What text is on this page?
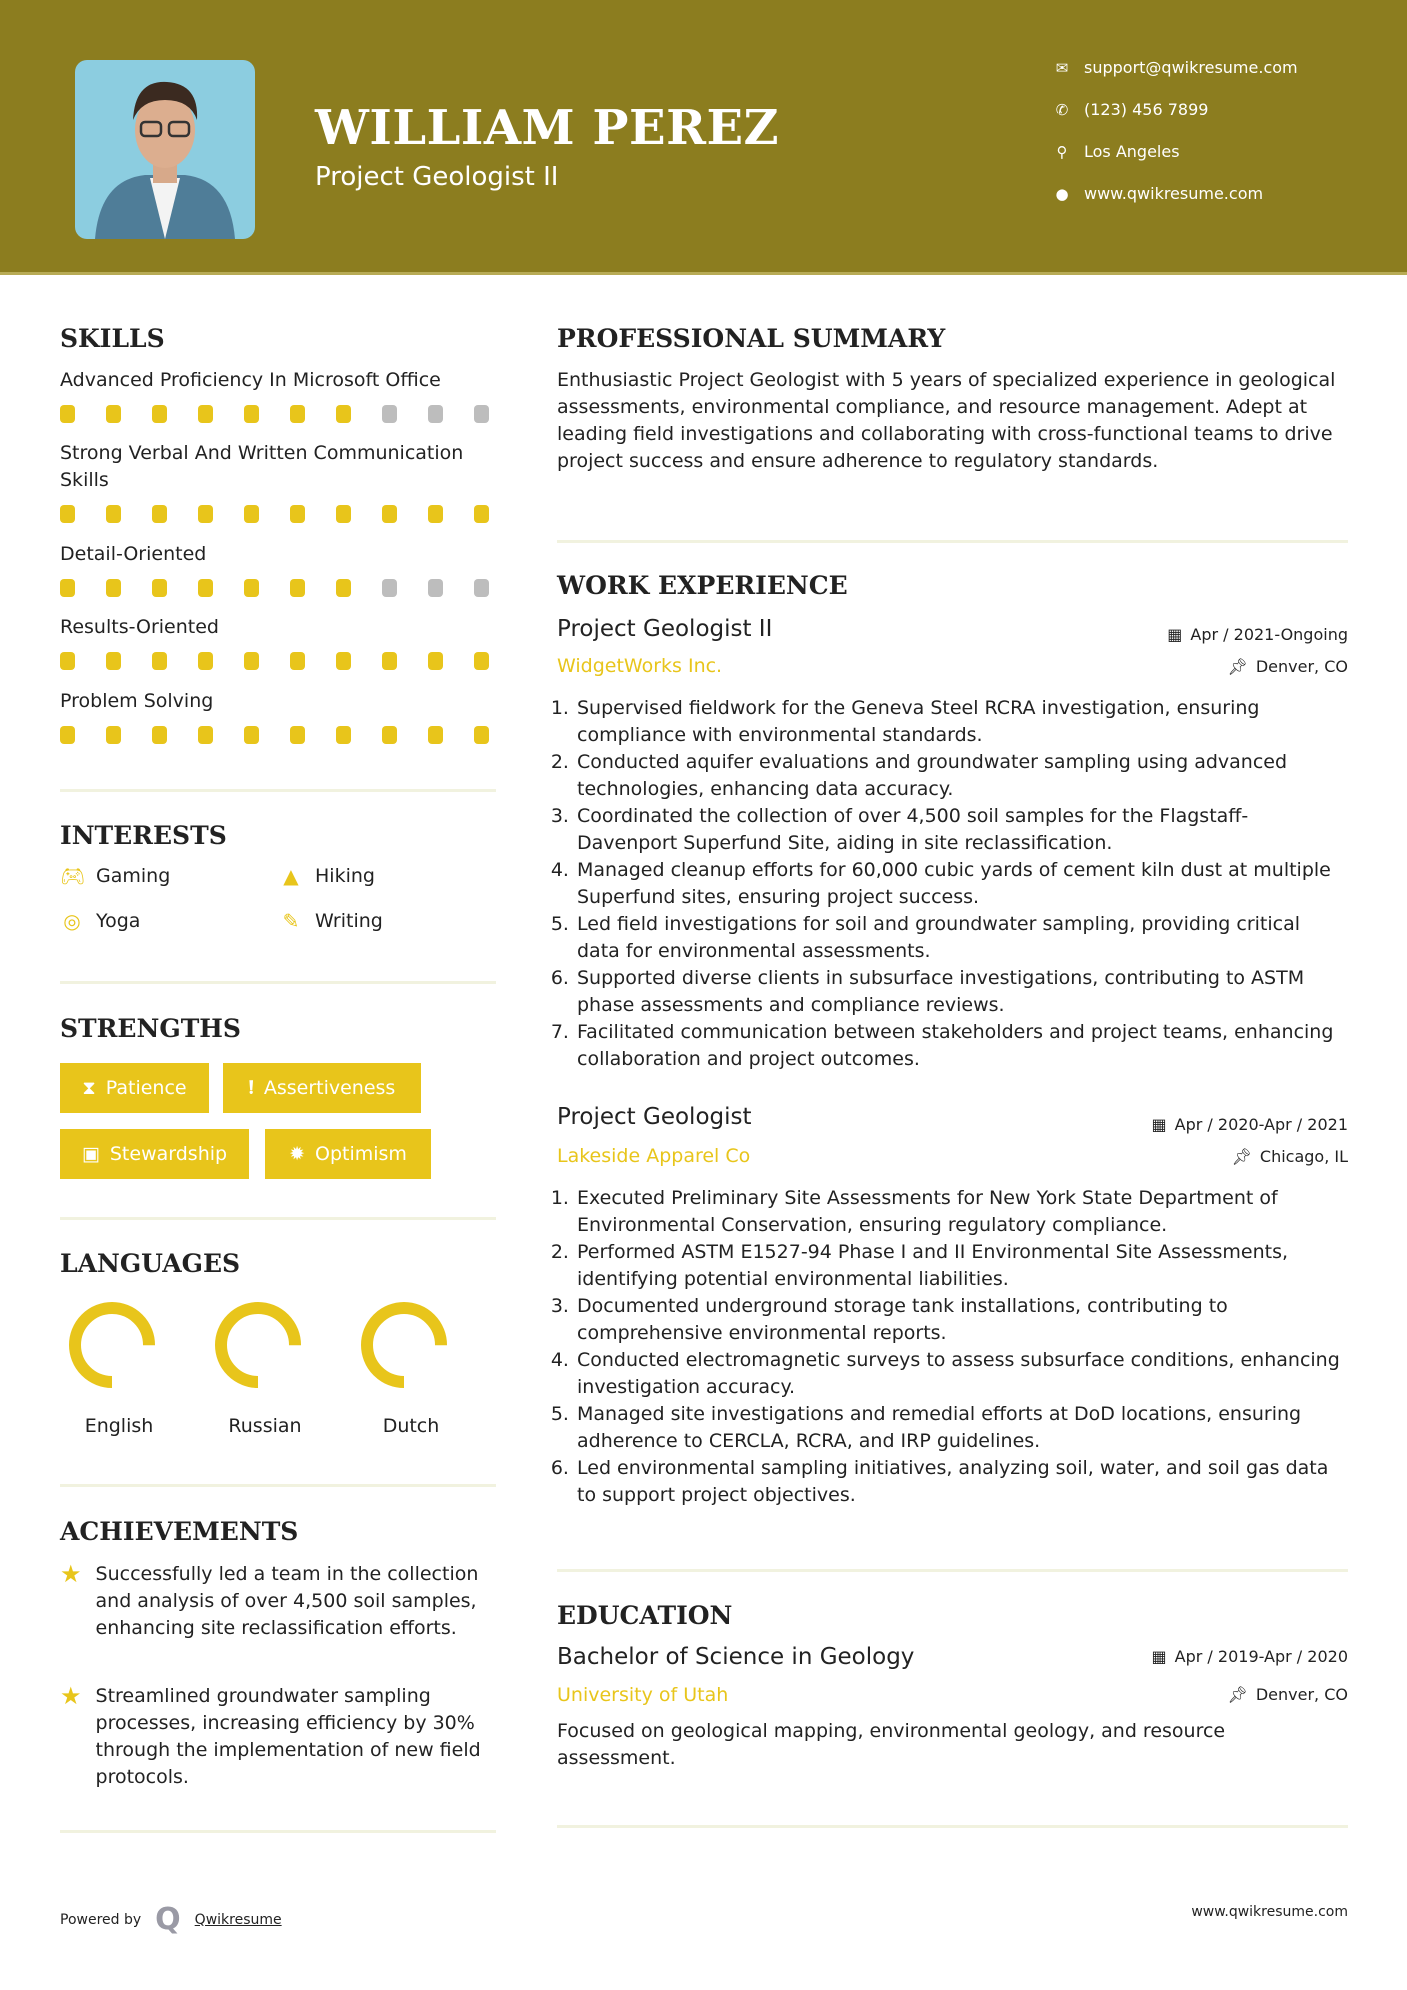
WILLIAM PEREZ
Project Geologist II
✉ support@qwikresume.com
✆ (123) 456 7899
⚲ Los Angeles
● www.qwikresume.com
SKILLS
Advanced Proficiency In Microsoft Office
Strong Verbal And Written Communication Skills
Detail-Oriented
Results-Oriented
Problem Solving
INTERESTS
🎮︎ Gaming	▲ Hiking
◎ Yoga	✎ Writing
STRENGTHS
⧗ Patience	❗︎ Assertiveness
▣ Stewardship	✹ Optimism
LANGUAGES
English	Russian	Dutch
ACHIEVEMENTS
★ Successfully led a team in the collection and analysis of over 4,500 soil samples, enhancing site reclassification efforts.
★ Streamlined groundwater sampling processes, increasing efficiency by 30% through the implementation of new field protocols.
PROFESSIONAL SUMMARY
Enthusiastic Project Geologist with 5 years of specialized experience in geological assessments, environmental compliance, and resource management. Adept at leading field investigations and collaborating with cross-functional teams to drive project success and ensure adherence to regulatory standards.
WORK EXPERIENCE
Project Geologist II	▦ Apr / 2021-Ongoing
WidgetWorks Inc.	📌︎ Denver, CO
1. Supervised fieldwork for the Geneva Steel RCRA investigation, ensuring compliance with environmental standards.
2. Conducted aquifer evaluations and groundwater sampling using advanced technologies, enhancing data accuracy.
3. Coordinated the collection of over 4,500 soil samples for the Flagstaff-Davenport Superfund Site, aiding in site reclassification.
4. Managed cleanup efforts for 60,000 cubic yards of cement kiln dust at multiple Superfund sites, ensuring project success.
5. Led field investigations for soil and groundwater sampling, providing critical data for environmental assessments.
6. Supported diverse clients in subsurface investigations, contributing to ASTM phase assessments and compliance reviews.
7. Facilitated communication between stakeholders and project teams, enhancing collaboration and project outcomes.
Project Geologist	▦ Apr / 2020-Apr / 2021
Lakeside Apparel Co	📌︎ Chicago, IL
1. Executed Preliminary Site Assessments for New York State Department of Environmental Conservation, ensuring regulatory compliance.
2. Performed ASTM E1527-94 Phase I and II Environmental Site Assessments, identifying potential environmental liabilities.
3. Documented underground storage tank installations, contributing to comprehensive environmental reports.
4. Conducted electromagnetic surveys to assess subsurface conditions, enhancing investigation accuracy.
5. Managed site investigations and remedial efforts at DoD locations, ensuring adherence to CERCLA, RCRA, and IRP guidelines.
6. Led environmental sampling initiatives, analyzing soil, water, and soil gas data to support project objectives.
EDUCATION
Bachelor of Science in Geology	▦ Apr / 2019-Apr / 2020
University of Utah	📌︎ Denver, CO
Focused on geological mapping, environmental geology, and resource assessment.
Powered by Q Qwikresume	www.qwikresume.com
